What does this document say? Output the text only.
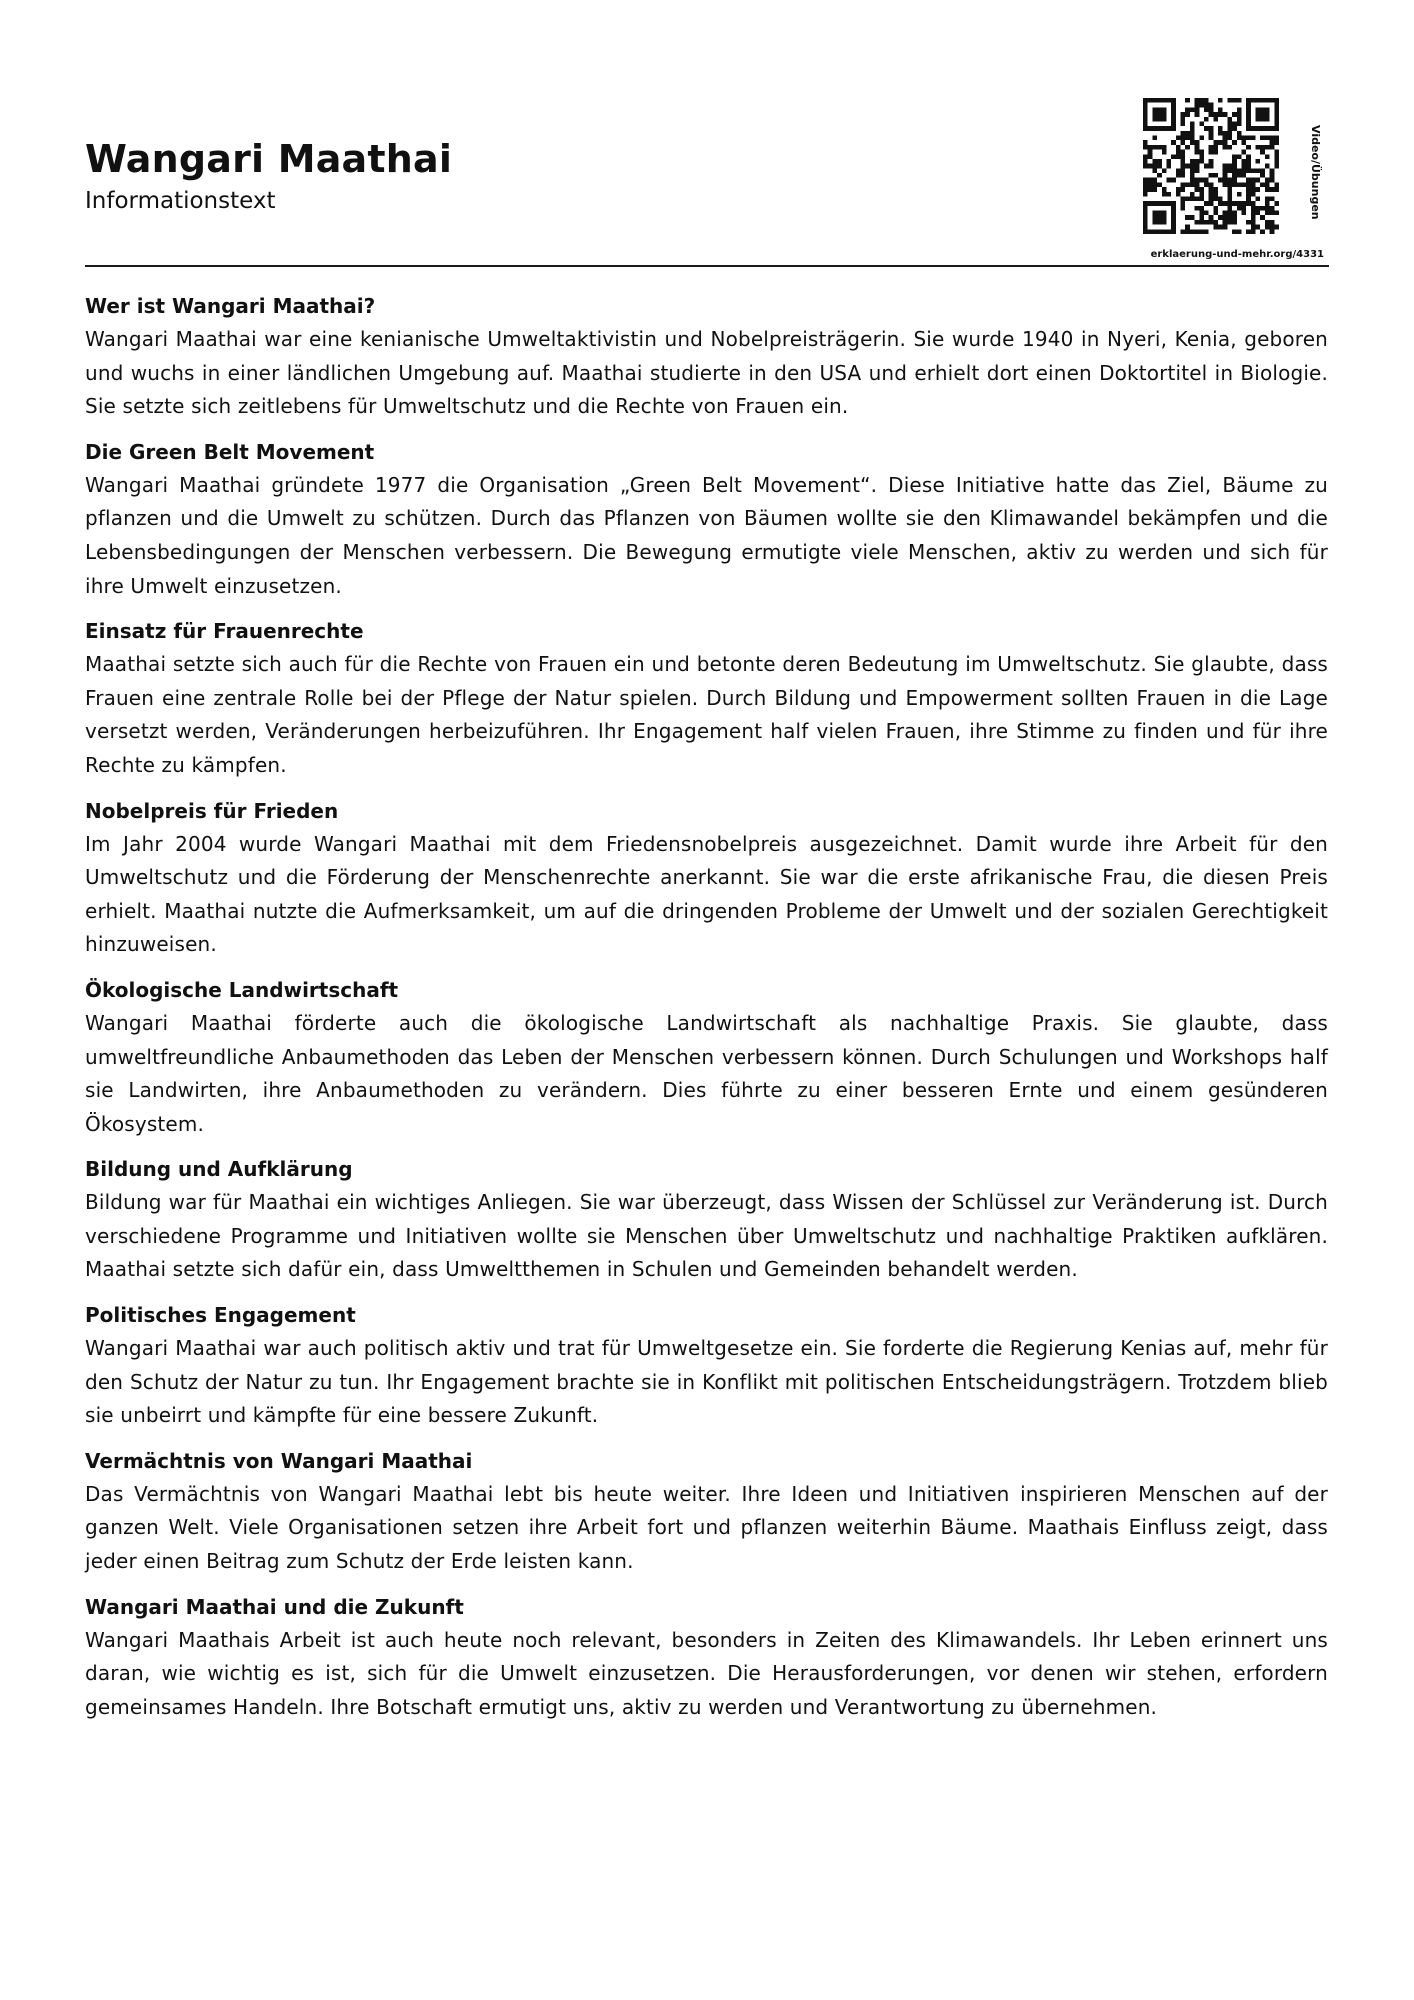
Wangari Maathai
Informationstext	Video/Übungen
erklaerung-und-mehr.org/4331
Wer ist Wangari Maathai?

Wangari Maathai war eine kenianische Umweltaktivistin und Nobelpreisträgerin. Sie wurde 1940 in Nyeri, Kenia, geboren und wuchs in einer ländlichen Umgebung auf. Maathai studierte in den USA und erhielt dort einen Doktortitel in Biologie. Sie setzte sich zeitlebens für Umweltschutz und die Rechte von Frauen ein.

Die Green Belt Movement

Wangari Maathai gründete 1977 die Organisation „Green Belt Movement“. Diese Initiative hatte das Ziel, Bäume zu pflanzen und die Umwelt zu schützen. Durch das Pflanzen von Bäumen wollte sie den Klimawandel bekämpfen und die Lebensbedingungen der Menschen verbessern. Die Bewegung ermutigte viele Menschen, aktiv zu werden und sich für ihre Umwelt einzusetzen.

Einsatz für Frauenrechte

Maathai setzte sich auch für die Rechte von Frauen ein und betonte deren Bedeutung im Umweltschutz. Sie glaubte, dass Frauen eine zentrale Rolle bei der Pflege der Natur spielen. Durch Bildung und Empowerment sollten Frauen in die Lage versetzt werden, Veränderungen herbeizuführen. Ihr Engagement half vielen Frauen, ihre Stimme zu finden und für ihre Rechte zu kämpfen.

Nobelpreis für Frieden

Im Jahr 2004 wurde Wangari Maathai mit dem Friedensnobelpreis ausgezeichnet. Damit wurde ihre Arbeit für den Umweltschutz und die Förderung der Menschenrechte anerkannt. Sie war die erste afrikanische Frau, die diesen Preis erhielt. Maathai nutzte die Aufmerksamkeit, um auf die dringenden Probleme der Umwelt und der sozialen Gerechtigkeit hinzuweisen.

Ökologische Landwirtschaft

Wangari Maathai förderte auch die ökologische Landwirtschaft als nachhaltige Praxis. Sie glaubte, dass umweltfreundliche Anbaumethoden das Leben der Menschen verbessern können. Durch Schulungen und Workshops half sie Landwirten, ihre Anbaumethoden zu verändern. Dies führte zu einer besseren Ernte und einem gesünderen Ökosystem.

Bildung und Aufklärung

Bildung war für Maathai ein wichtiges Anliegen. Sie war überzeugt, dass Wissen der Schlüssel zur Veränderung ist. Durch verschiedene Programme und Initiativen wollte sie Menschen über Umweltschutz und nachhaltige Praktiken aufklären. Maathai setzte sich dafür ein, dass Umweltthemen in Schulen und Gemeinden behandelt werden.

Politisches Engagement

Wangari Maathai war auch politisch aktiv und trat für Umweltgesetze ein. Sie forderte die Regierung Kenias auf, mehr für den Schutz der Natur zu tun. Ihr Engagement brachte sie in Konflikt mit politischen Entscheidungsträgern. Trotzdem blieb sie unbeirrt und kämpfte für eine bessere Zukunft.

Vermächtnis von Wangari Maathai

Das Vermächtnis von Wangari Maathai lebt bis heute weiter. Ihre Ideen und Initiativen inspirieren Menschen auf der ganzen Welt. Viele Organisationen setzen ihre Arbeit fort und pflanzen weiterhin Bäume. Maathais Einfluss zeigt, dass jeder einen Beitrag zum Schutz der Erde leisten kann.

Wangari Maathai und die Zukunft

Wangari Maathais Arbeit ist auch heute noch relevant, besonders in Zeiten des Klimawandels. Ihr Leben erinnert uns daran, wie wichtig es ist, sich für die Umwelt einzusetzen. Die Herausforderungen, vor denen wir stehen, erfordern gemeinsames Handeln. Ihre Botschaft ermutigt uns, aktiv zu werden und Verantwortung zu übernehmen.
